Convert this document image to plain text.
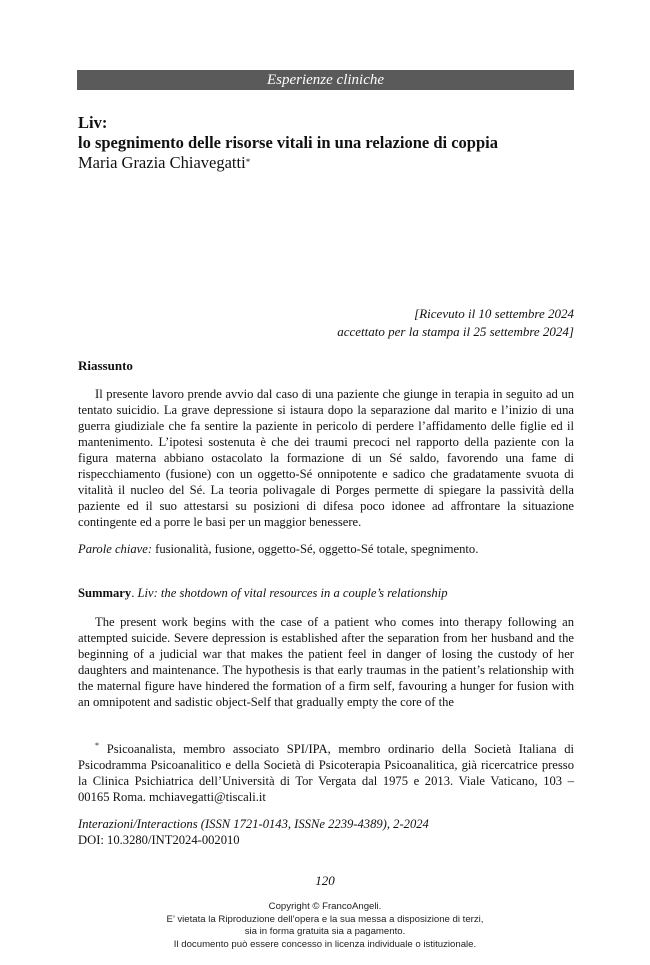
Esperienze cliniche
Liv:
lo spegnimento delle risorse vitali in una relazione di coppia
Maria Grazia Chiavegatti*
[Ricevuto il 10 settembre 2024
accettato per la stampa il 25 settembre 2024]
Riassunto

Il presente lavoro prende avvio dal caso di una paziente che giunge in terapia in seguito ad un tentato suicidio. La grave depressione si istaura dopo la separazione dal marito e l’inizio di una guerra giudiziale che fa sentire la paziente in pericolo di perdere l’affidamento delle figlie ed il mantenimento. L’ipotesi sostenuta è che dei traumi precoci nel rapporto della paziente con la figura materna abbiano ostacolato la formazione di un Sé saldo, favorendo una fame di rispecchiamento (fusione) con un oggetto-Sé onnipotente e sadico che gradatamente svuota di vitalità il nucleo del Sé. La teoria polivagale di Porges permette di spiegare la passività della paziente ed il suo attestarsi su posizioni di difesa poco idonee ad affrontare la situazione contingente ed a porre le basi per un maggior benessere.

Parole chiave: fusionalità, fusione, oggetto-Sé, oggetto-Sé totale, spegnimento.

Summary. Liv: the shotdown of vital resources in a couple’s relationship

The present work begins with the case of a patient who comes into therapy following an attempted suicide. Severe depression is established after the separation from her husband and the beginning of a judicial war that makes the patient feel in danger of losing the custody of her daughters and maintenance. The hypothesis is that early traumas in the patient’s relationship with the maternal figure have hindered the formation of a firm self, favouring a hunger for fusion with an omnipotent and sadistic object-Self that gradually empty the core of the

* Psicoanalista, membro associato SPI/IPA, membro ordinario della Società Italiana di Psicodramma Psicoanalitico e della Società di Psicoterapia Psicoanalitica, già ricercatrice presso la Clinica Psichiatrica dell’Università di Tor Vergata dal 1975 e 2013. Viale Vaticano, 103 – 00165 Roma. mchiavegatti@tiscali.it

Interazioni/Interactions (ISSN 1721-0143, ISSNe 2239-4389), 2-2024
DOI: 10.3280/INT2024-002010
120
Copyright © FrancoAngeli.
E’ vietata la Riproduzione dell’opera e la sua messa a disposizione di terzi,
sia in forma gratuita sia a pagamento.
Il documento può essere concesso in licenza individuale o istituzionale.
